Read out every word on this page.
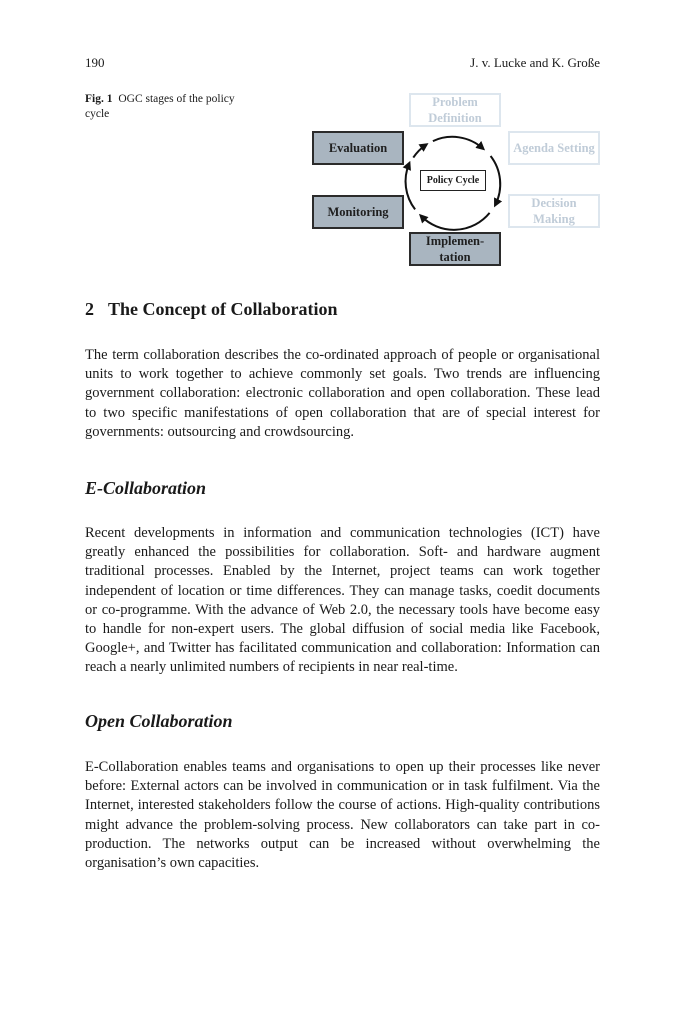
190	J. v. Lucke and K. Große
Fig. 1 OGC stages of the policy cycle
Policy Cycle
Problem Definition
Agenda Setting
Decision Making
Implemen- tation
Monitoring
Evaluation
2 The Concept of Collaboration

The term collaboration describes the co-ordinated approach of people or organisational units to work together to achieve commonly set goals. Two trends are influencing government collaboration: electronic collaboration and open collaboration. These lead to two specific manifestations of open collaboration that are of special interest for governments: outsourcing and crowdsourcing.

E-Collaboration

Recent developments in information and communication technologies (ICT) have greatly enhanced the possibilities for collaboration. Soft- and hardware augment traditional processes. Enabled by the Internet, project teams can work together independent of location or time differences. They can manage tasks, coedit documents or co-programme. With the advance of Web 2.0, the necessary tools have become easy to handle for non-expert users. The global diffusion of social media like Facebook, Google+, and Twitter has facilitated communication and collaboration: Information can reach a nearly unlimited numbers of recipients in near real-time.

Open Collaboration

E-Collaboration enables teams and organisations to open up their processes like never before: External actors can be involved in communication or in task fulfilment. Via the Internet, interested stakeholders follow the course of actions. High-quality contributions might advance the problem-solving process. New collaborators can take part in co-production. The networks output can be increased without overwhelming the organisation’s own capacities.
